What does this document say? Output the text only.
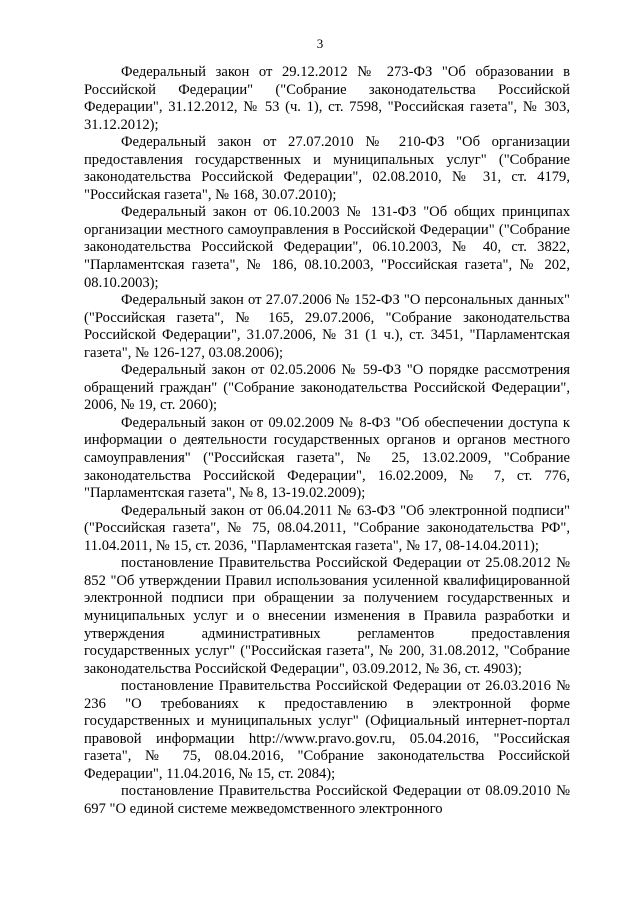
3

Федеральный закон от 29.12.2012 № 273-ФЗ "Об образовании в Российской Федерации" ("Собрание законодательства Российской Федерации", 31.12.2012, № 53 (ч. 1), ст. 7598, "Российская газета", № 303, 31.12.2012);

Федеральный закон от 27.07.2010 № 210-ФЗ "Об организации предоставления государственных и муниципальных услуг" ("Собрание законодательства Российской Федерации", 02.08.2010, № 31, ст. 4179, "Российская газета", № 168, 30.07.2010);

Федеральный закон от 06.10.2003 № 131-ФЗ "Об общих принципах организации местного самоуправления в Российской Федерации" ("Собрание законодательства Российской Федерации", 06.10.2003, № 40, ст. 3822, "Парламентская газета", № 186, 08.10.2003, "Российская газета", № 202, 08.10.2003);

Федеральный закон от 27.07.2006 № 152-ФЗ "О персональных данных" ("Российская газета", № 165, 29.07.2006, "Собрание законодательства Российской Федерации", 31.07.2006, № 31 (1 ч.), ст. 3451, "Парламентская газета", № 126-127, 03.08.2006);

Федеральный закон от 02.05.2006 № 59-ФЗ "О порядке рассмотрения обращений граждан" ("Собрание законодательства Российской Федерации", 2006, № 19, ст. 2060);

Федеральный закон от 09.02.2009 № 8-ФЗ "Об обеспечении доступа к информации о деятельности государственных органов и органов местного самоуправления" ("Российская газета", № 25, 13.02.2009, "Собрание законодательства Российской Федерации", 16.02.2009, № 7, ст. 776, "Парламентская газета", № 8, 13-19.02.2009);

Федеральный закон от 06.04.2011 № 63-ФЗ "Об электронной подписи" ("Российская газета", № 75, 08.04.2011, "Собрание законодательства РФ", 11.04.2011, № 15, ст. 2036, "Парламентская газета", № 17, 08-14.04.2011);

постановление Правительства Российской Федерации от 25.08.2012 № 852 "Об утверждении Правил использования усиленной квалифицированной электронной подписи при обращении за получением государственных и муниципальных услуг и о внесении изменения в Правила разработки и утверждения административных регламентов предоставления государственных услуг" ("Российская газета", № 200, 31.08.2012, "Собрание законодательства Российской Федерации", 03.09.2012, № 36, ст. 4903);

постановление Правительства Российской Федерации от 26.03.2016 № 236 "О требованиях к предоставлению в электронной форме государственных и муниципальных услуг" (Официальный интернет-портал правовой информации http://www.pravo.gov.ru, 05.04.2016, "Российская газета", № 75, 08.04.2016, "Собрание законодательства Российской Федерации", 11.04.2016, № 15, ст. 2084);

постановление Правительства Российской Федерации от 08.09.2010 № 697 "О единой системе межведомственного электронного
